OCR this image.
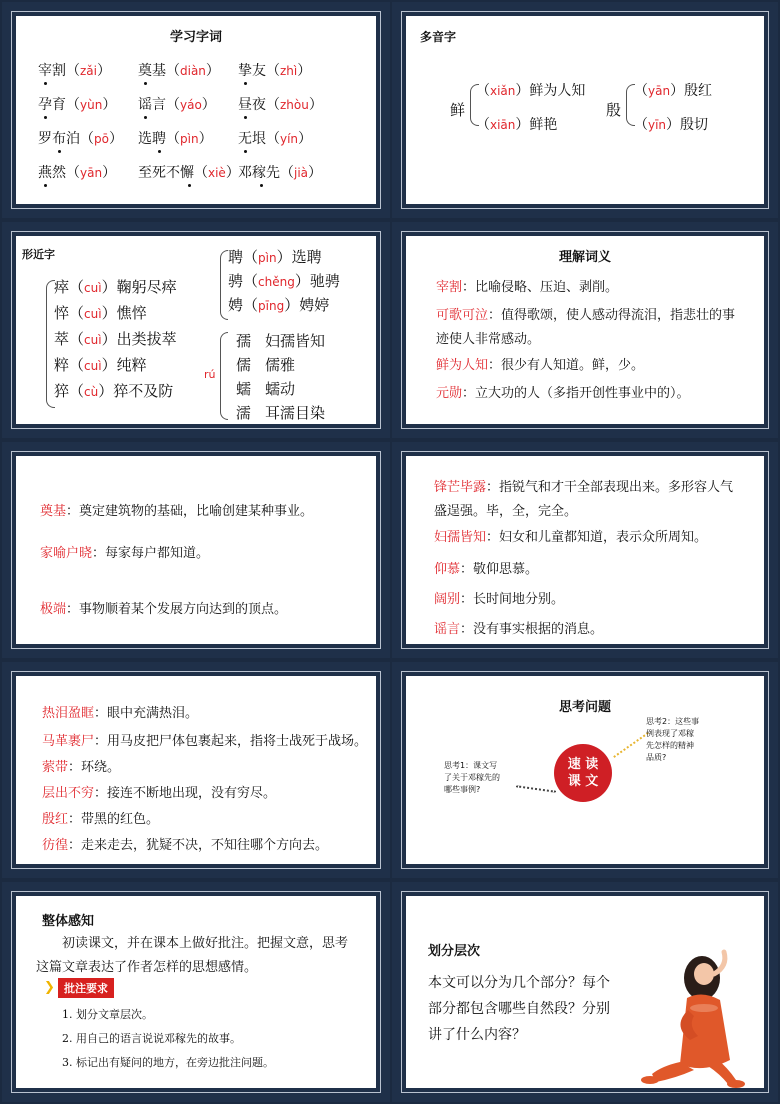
学习字词
宰割（zǎi） 奠基（diàn） 挚友（zhì）
孕育（yùn） 谣言（yáo） 昼夜（zhòu）
罗布泊（pō） 选聘（pìn） 无垠（yín）
燕然（yān） 至死不懈（xiè）
邓稼先（jià）
多音字
鲜
（xiǎn）鲜为人知
（xiān）鲜艳
殷
（yān）殷红
（yīn）殷切
形近字
瘁（cuì）鞠躬尽瘁
悴（cuì）憔悴
萃（cuì）出类拔萃
粹（cuì）纯粹
猝（cù）猝不及防
聘（pìn）选聘
骋（chěng）驰骋
娉（pīng）娉婷
rú
孺 妇孺皆知
儒 儒雅
蠕 蠕动
濡 耳濡目染
理解词义
宰割：比喻侵略、压迫、剥削。
可歌可泣：值得歌颂，使人感动得流泪，指悲壮的事
迹使人非常感动。
鲜为人知：很少有人知道。鲜，少。
元勋：立大功的人（多指开创性事业中的）。
奠基：奠定建筑物的基础，比喻创建某种事业。
家喻户晓：每家每户都知道。
极端：事物顺着某个发展方向达到的顶点。
锋芒毕露：指锐气和才干全部表现出来。多形容人气
盛逞强。毕，全，完全。
妇孺皆知：妇女和儿童都知道，表示众所周知。
仰慕：敬仰思慕。
阔别：长时间地分别。
谣言：没有事实根据的消息。
热泪盈眶：眼中充满热泪。
马革裹尸：用马皮把尸体包裹起来，指将士战死于战场。
萦带：环绕。
层出不穷：接连不断地出现，没有穷尽。
殷红：带黑的红色。
彷徨：走来走去，犹疑不决，不知往哪个方向去。
思考问题
思考1：课文写
了关于邓稼先的
哪些事例?
速 读
课 文
思考2：这些事
例表现了邓稼
先怎样的精神
品质?
整体感知
初读课文，并在课本上做好批注。把握文意，思考
这篇文章表达了作者怎样的思想感情。
❯ 批注要求
1. 划分文章层次。
2. 用自己的语言说说邓稼先的故事。
3. 标记出有疑问的地方，在旁边批注问题。
划分层次
本文可以分为几个部分？每个
部分都包含哪些自然段？分别
讲了什么内容？
